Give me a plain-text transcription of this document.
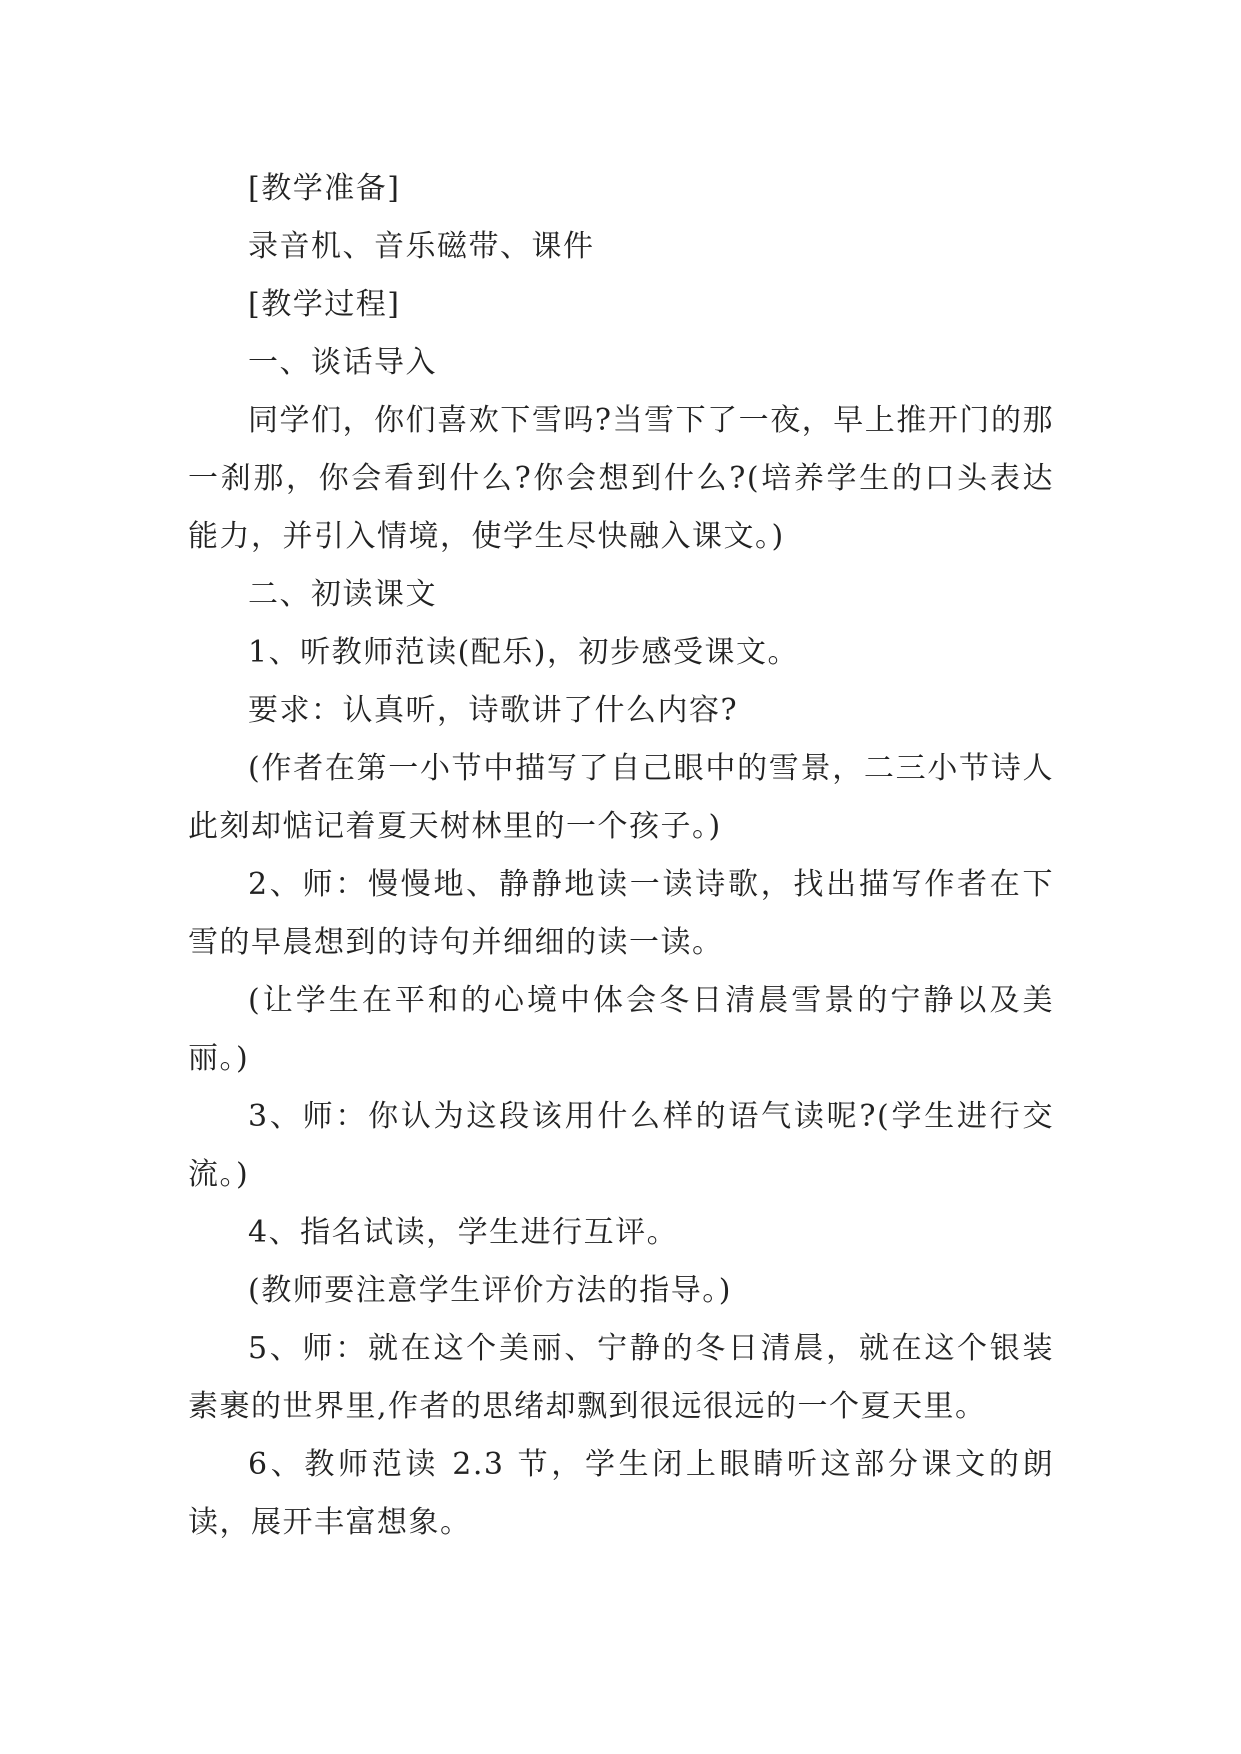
[教学准备]

录音机、音乐磁带、课件

[教学过程]

一、谈话导入

同学们，你们喜欢下雪吗?当雪下了一夜，早上推开门的那一刹那，你会看到什么?你会想到什么?(培养学生的口头表达能力，并引入情境，使学生尽快融入课文。)

二、初读课文

1、听教师范读(配乐)，初步感受课文。

要求：认真听，诗歌讲了什么内容?

(作者在第一小节中描写了自己眼中的雪景，二三小节诗人此刻却惦记着夏天树林里的一个孩子。)

2、师：慢慢地、静静地读一读诗歌，找出描写作者在下雪的早晨想到的诗句并细细的读一读。

(让学生在平和的心境中体会冬日清晨雪景的宁静以及美丽。)

3、师：你认为这段该用什么样的语气读呢?(学生进行交流。)

4、指名试读，学生进行互评。

(教师要注意学生评价方法的指导。)

5、师：就在这个美丽、宁静的冬日清晨，就在这个银装素裹的世界里,作者的思绪却飘到很远很远的一个夏天里。

6、教师范读 2.3 节，学生闭上眼睛听这部分课文的朗读，展开丰富想象。
